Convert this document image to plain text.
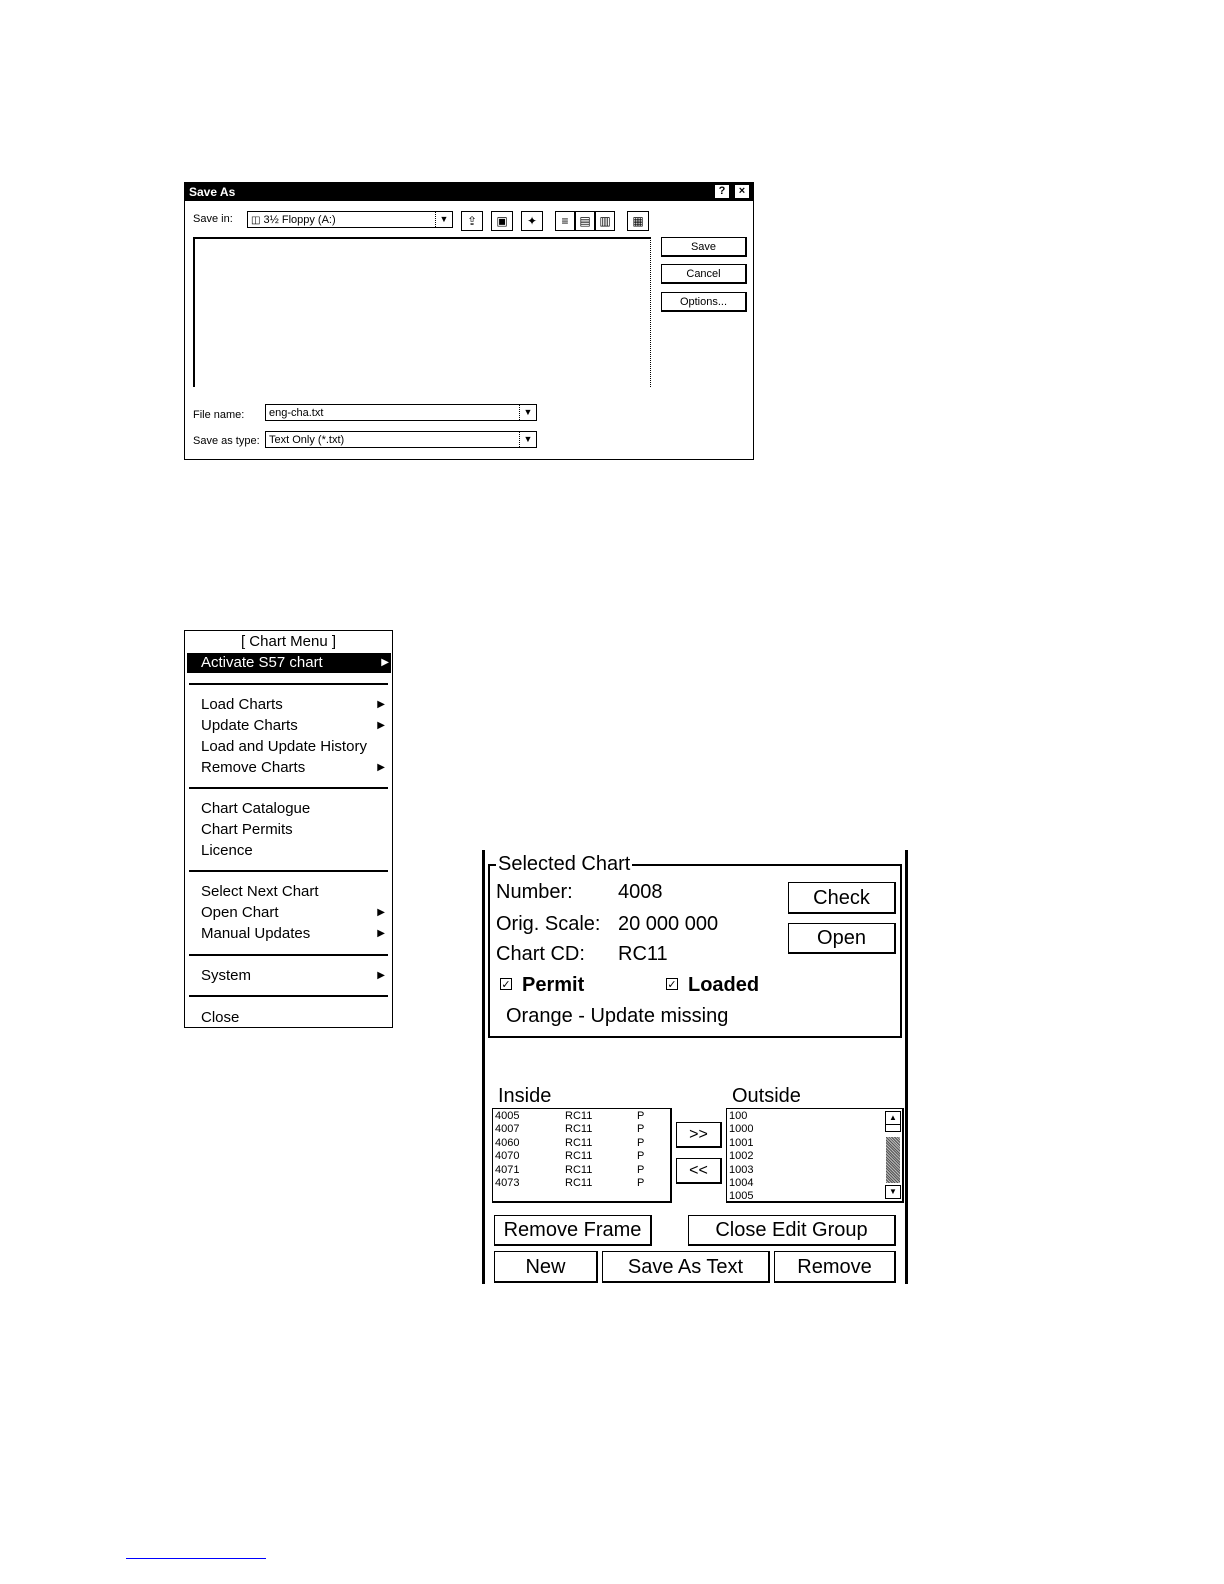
Save As	?	×
Save in:	◫ 3½ Floppy (A:)	▼	⇪	▣	✦	≡ ▤ ▥	▦
Save
Cancel
Options...
File name:	eng-cha.txt	▼
Save as type: Text Only (*.txt)	▼
[ Chart Menu ]
Activate S57 chart	▶
Load Charts	▶
Update Charts	▶
Load and Update History
Remove Charts	▶
Chart Catalogue
Chart Permits
Licence
Select Next Chart
Open Chart	▶
Manual Updates	▶
System	▶
Close
Number: 4008
Orig. Scale: 20 000 000
Chart CD: RC11
✓ Permit	✓ Loaded
Orange - Update missing
Check
Open
Selected Chart
Inside	Outside
4005	RC11	P
4007	RC11	P
4060	RC11	P
4070	RC11	P
4071	RC11	P
4073	RC11	P
>>
<<
100
1000
1001
1002
1003
1004
1005
▲
▼
Remove Frame	Close Edit Group
New	Save As Text	Remove
